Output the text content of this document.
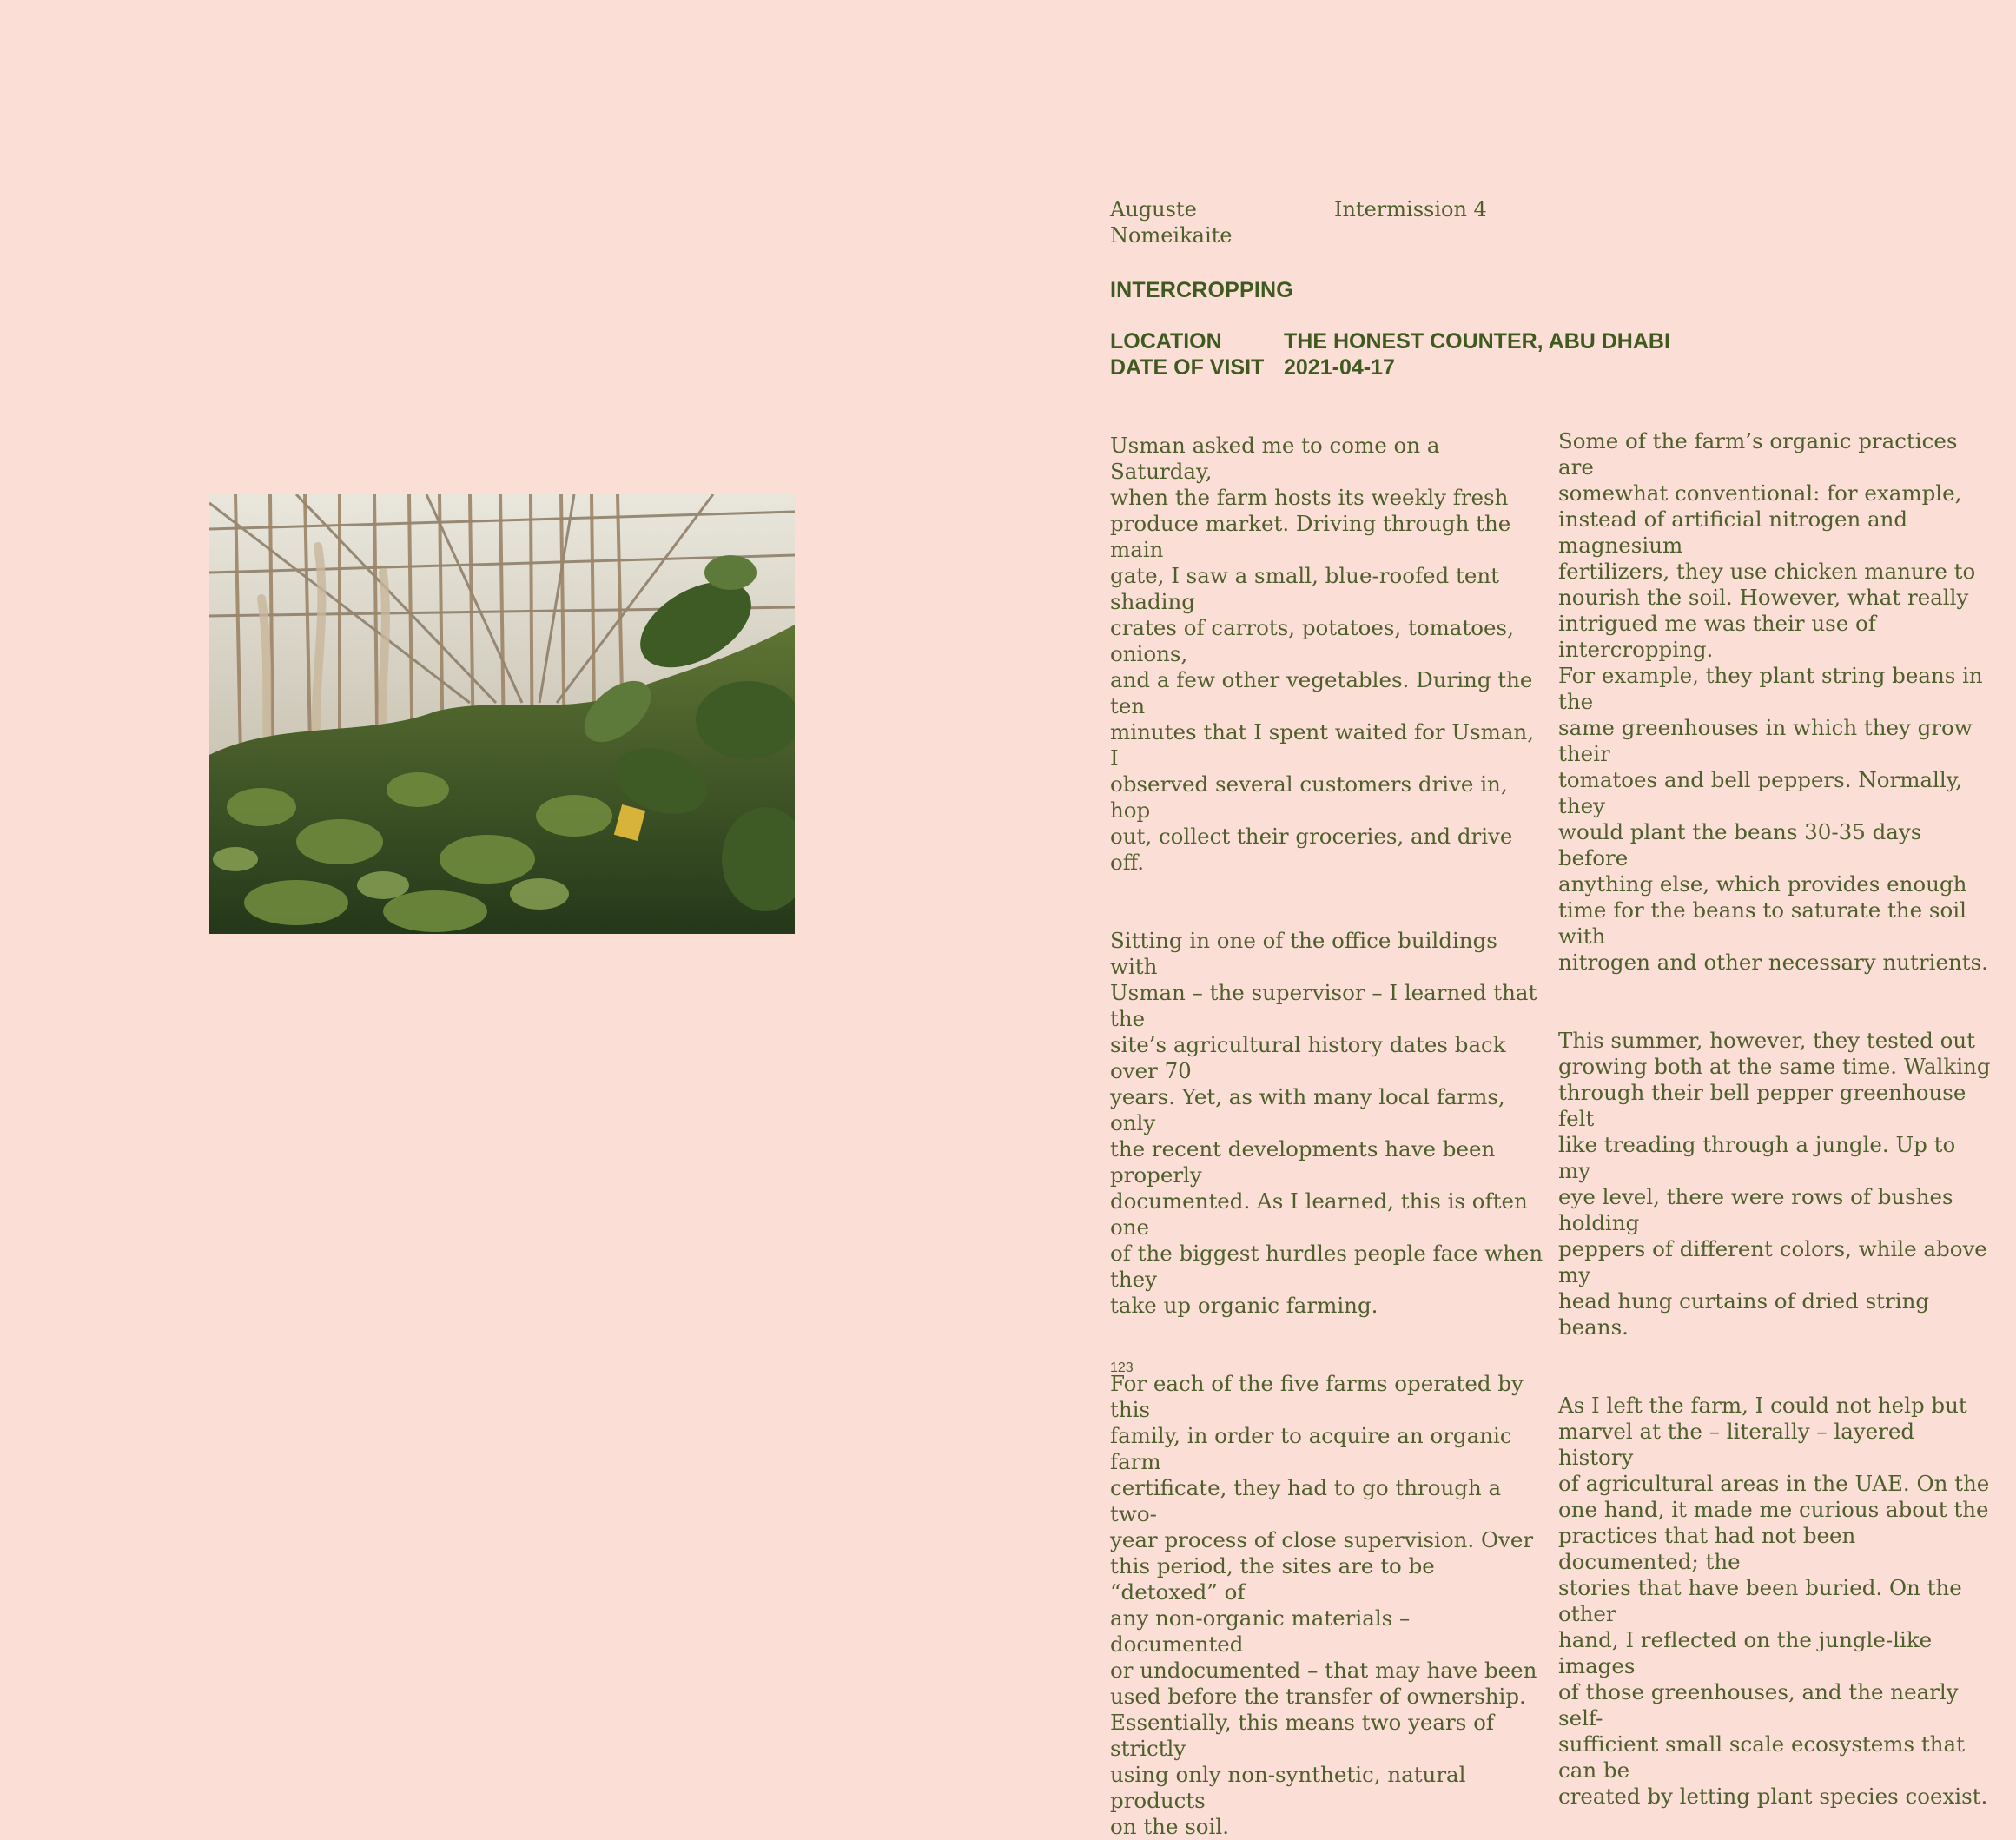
Auguste
Nomeikaite
Intermission 4
INTERCROPPING
LOCATION	THE HONEST COUNTER, ABU DHABI
DATE OF VISIT 2021-04-17

Usman asked me to come on a Saturday,
when the farm hosts its weekly fresh
produce market. Driving through the main
gate, I saw a small, blue-roofed tent shading
crates of carrots, potatoes, tomatoes, onions,
and a few other vegetables. During the ten
minutes that I spent waited for Usman, I
observed several customers drive in, hop
out, collect their groceries, and drive off.

Sitting in one of the office buildings with
Usman – the supervisor – I learned that the
site’s agricultural history dates back over 70
years. Yet, as with many local farms, only
the recent developments have been properly
documented. As I learned, this is often one
of the biggest hurdles people face when they
take up organic farming.

For each of the five farms operated by this
family, in order to acquire an organic farm
certificate, they had to go through a two-
year process of close supervision. Over
this period, the sites are to be “detoxed” of
any non-organic materials – documented
or undocumented – that may have been
used before the transfer of ownership.
Essentially, this means two years of strictly
using only non-synthetic, natural products
on the soil.

Some of the farm’s organic practices are
somewhat conventional: for example,
instead of artificial nitrogen and magnesium
fertilizers, they use chicken manure to
nourish the soil. However, what really
intrigued me was their use of intercropping.
For example, they plant string beans in the
same greenhouses in which they grow their
tomatoes and bell peppers. Normally, they
would plant the beans 30-35 days before
anything else, which provides enough
time for the beans to saturate the soil with
nitrogen and other necessary nutrients.

This summer, however, they tested out
growing both at the same time. Walking
through their bell pepper greenhouse felt
like treading through a jungle. Up to my
eye level, there were rows of bushes holding
peppers of different colors, while above my
head hung curtains of dried string beans.

As I left the farm, I could not help but
marvel at the – literally – layered history
of agricultural areas in the UAE. On the
one hand, it made me curious about the
practices that had not been documented; the
stories that have been buried. On the other
hand, I reflected on the jungle-like images
of those greenhouses, and the nearly self-
sufficient small scale ecosystems that can be
created by letting plant species coexist.

123
